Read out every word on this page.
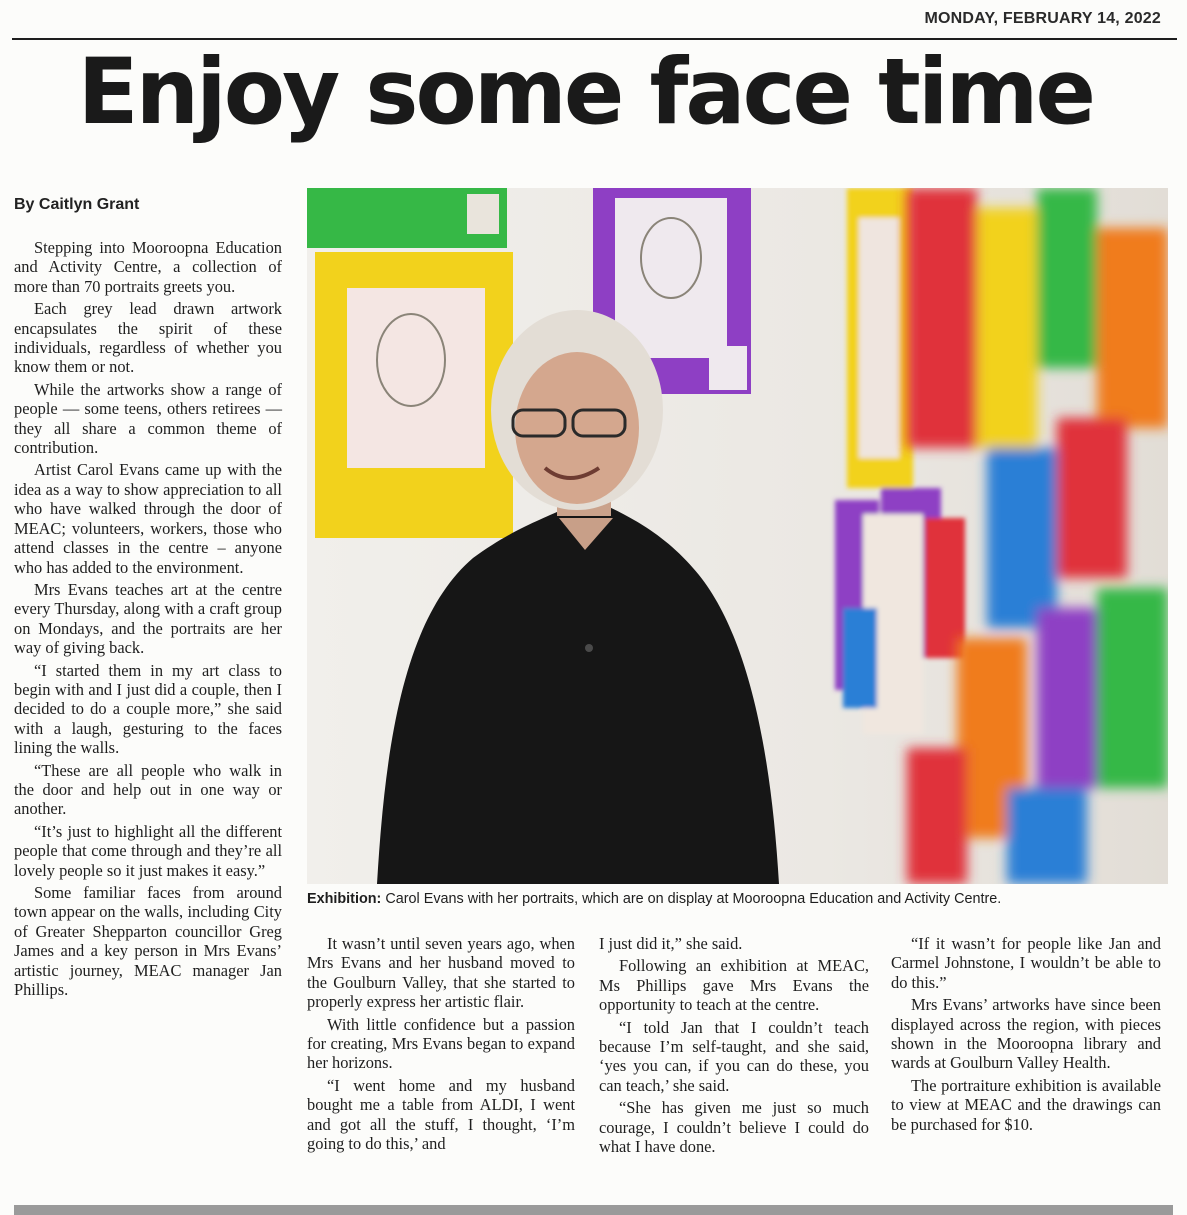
MONDAY, FEBRUARY 14, 2022
Enjoy some face time
By Caitlyn Grant

Stepping into Mooroopna Education and Activity Centre, a collection of more than 70 portraits greets you.

Each grey lead drawn artwork encapsulates the spirit of these individuals, regardless of whether you know them or not.

While the artworks show a range of people — some teens, others retirees — they all share a common theme of contribution.

Artist Carol Evans came up with the idea as a way to show appreciation to all who have walked through the door of MEAC; volunteers, workers, those who attend classes in the centre – anyone who has added to the environment.

Mrs Evans teaches art at the centre every Thursday, along with a craft group on Mondays, and the portraits are her way of giving back.

“I started them in my art class to begin with and I just did a couple, then I decided to do a couple more,” she said with a laugh, gesturing to the faces lining the walls.

“These are all people who walk in the door and help out in one way or another.

“It’s just to highlight all the different people that come through and they’re all lovely people so it just makes it easy.”

Some familiar faces from around town appear on the walls, including City of Greater Shepparton councillor Greg James and a key person in Mrs Evans’ artistic journey, MEAC manager Jan Phillips.

Exhibition: Carol Evans with her portraits, which are on display at Mooroopna Education and Activity Centre.

It wasn’t until seven years ago, when Mrs Evans and her husband moved to the Goulburn Valley, that she started to properly express her artistic flair.

With little confidence but a passion for creating, Mrs Evans began to expand her horizons.

“I went home and my husband bought me a table from ALDI, I went and got all the stuff, I thought, ‘I’m going to do this,’ and

I just did it,” she said.

Following an exhibition at MEAC, Ms Phillips gave Mrs Evans the opportunity to teach at the centre.

“I told Jan that I couldn’t teach because I’m self-taught, and she said, ‘yes you can, if you can do these, you can teach,’ she said.

“She has given me just so much courage, I couldn’t believe I could do what I have done.

“If it wasn’t for people like Jan and Carmel Johnstone, I wouldn’t be able to do this.”

Mrs Evans’ artworks have since been displayed across the region, with pieces shown in the Mooroopna library and wards at Goulburn Valley Health.

The portraiture exhibition is available to view at MEAC and the drawings can be purchased for $10.
